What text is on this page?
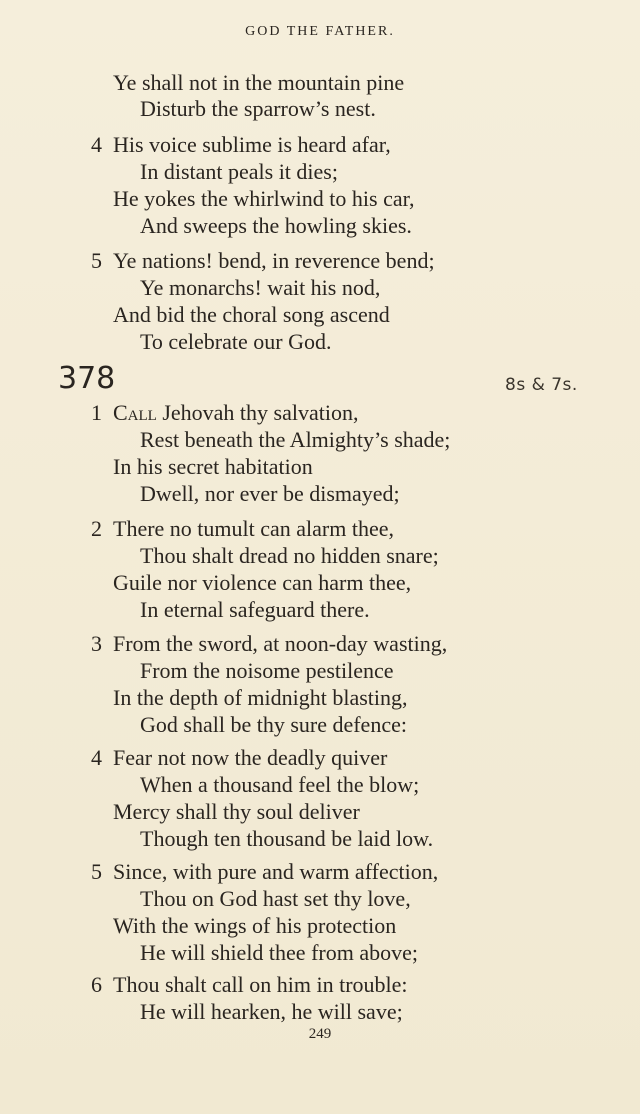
GOD THE FATHER.
Ye shall not in the mountain pine
Disturb the sparrow’s nest.
4 His voice sublime is heard afar,
In distant peals it dies;
He yokes the whirlwind to his car,
And sweeps the howling skies.
5 Ye nations! bend, in reverence bend;
Ye monarchs! wait his nod,
And bid the choral song ascend
To celebrate our God.
378	8s & 7s.
1 Call Jehovah thy salvation,
Rest beneath the Almighty’s shade;
In his secret habitation
Dwell, nor ever be dismayed;
2 There no tumult can alarm thee,
Thou shalt dread no hidden snare;
Guile nor violence can harm thee,
In eternal safeguard there.
3 From the sword, at noon-day wasting,
From the noisome pestilence
In the depth of midnight blasting,
God shall be thy sure defence:
4 Fear not now the deadly quiver
When a thousand feel the blow;
Mercy shall thy soul deliver
Though ten thousand be laid low.
5 Since, with pure and warm affection,
Thou on God hast set thy love,
With the wings of his protection
He will shield thee from above;
6 Thou shalt call on him in trouble:
He will hearken, he will save;
249
